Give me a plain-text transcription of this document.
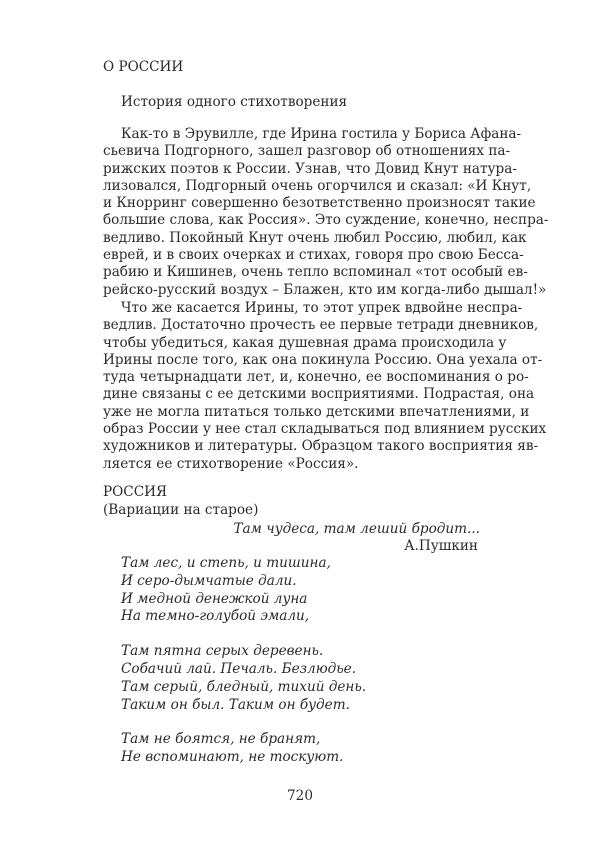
О РОССИИ
История одного стихотворения
Как-то в Эрувилле, где Ирина гостила у Бориса Афана-
сьевича Подгорного, зашел разговор об отношениях па-
рижских поэтов к России. Узнав, что Довид Кнут натура-
лизовался, Подгорный очень огорчился и сказал: «И Кнут,
и Кнорринг совершенно безответственно произносят такие
большие слова, как Россия». Это суждение, конечно, неспра-
ведливо. Покойный Кнут очень любил Россию, любил, как
еврей, и в своих очерках и стихах, говоря про свою Бесса-
рабию и Кишинев, очень тепло вспоминал «тот особый ев-
рейско-русский воздух – Блажен, кто им когда-либо дышал!»
Что же касается Ирины, то этот упрек вдвойне неспра-
ведлив. Достаточно прочесть ее первые тетради дневников,
чтобы убедиться, какая душевная драма происходила у
Ирины после того, как она покинула Россию. Она уехала от-
туда четырнадцати лет, и, конечно, ее воспоминания о ро-
дине связаны с ее детскими восприятиями. Подрастая, она
уже не могла питаться только детскими впечатлениями, и
образ России у нее стал складываться под влиянием русских
художников и литературы. Образцом такого восприятия яв-
ляется ее стихотворение «Россия».
РОССИЯ
(Вариации на старое)
Там чудеса, там леший бродит...
А.Пушкин
Там лес, и степь, и тишина,
И серо-дымчатые дали.
И медной денежкой луна
На темно-голубой эмали,
Там пятна серых деревень.
Собачий лай. Печаль. Безлюдье.
Там серый, бледный, тихий день.
Таким он был. Таким он будет.
Там не боятся, не бранят,
Не вспоминают, не тоскуют.
720
